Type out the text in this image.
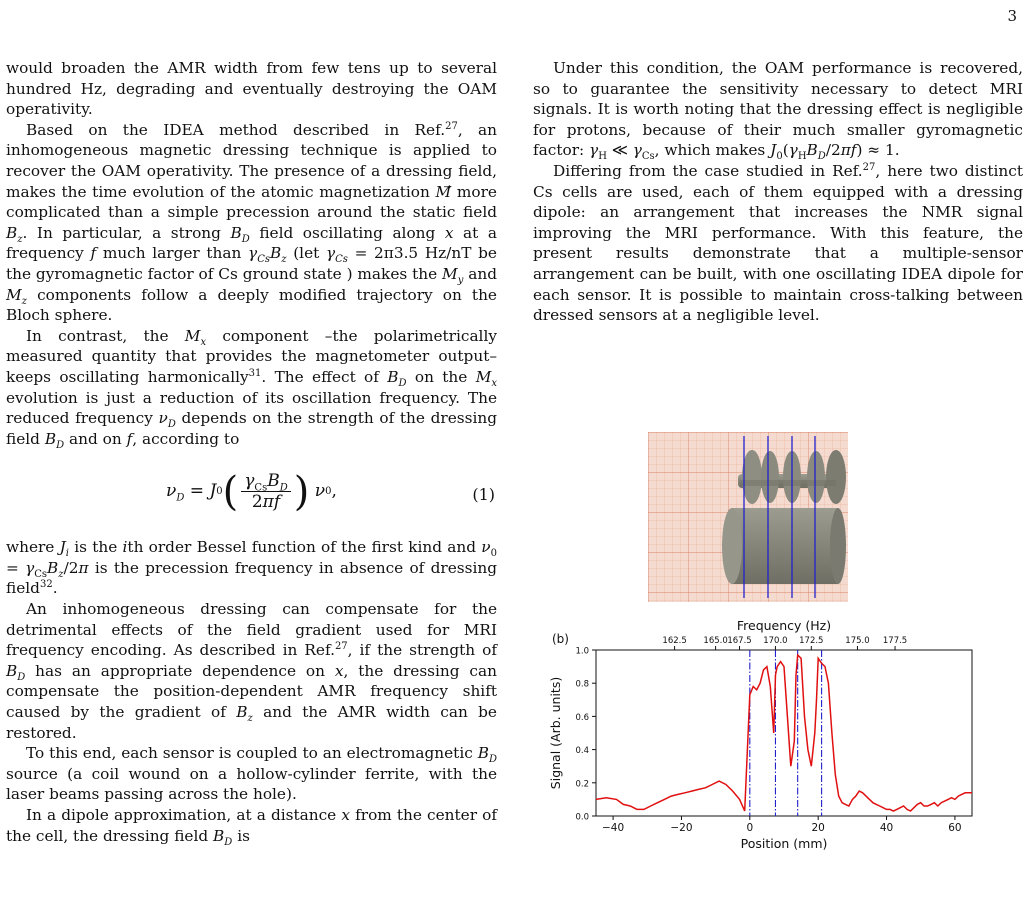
3

would broaden the AMR width from few tens up to several hundred Hz, degrading and eventually destroying the OAM operativity.

Based on the IDEA method described in Ref.$^{27}$, an inhomogeneous magnetic dressing technique is applied to recover the OAM operativity. The presence of a dressing field, makes the time evolution of the atomic magnetization M⃗ more complicated than a simple precession around the static field $B_z$. In particular, a strong $B_D$ field oscillating along x at a frequency f much larger than $\gamma_{Cs}B_z$ (let $\gamma_{Cs} = 2\pi 3.5$ Hz/nT be the gyromagnetic factor of Cs ground state ) makes the $M_y$ and $M_z$ components follow a deeply modified trajectory on the Bloch sphere.

In contrast, the $M_x$ component –the polarimetrically measured quantity that provides the magnetometer output– keeps oscillating harmonically$^{31}$. The effect of $B_D$ on the $M_x$ evolution is just a reduction of its oscillation frequency. The reduced frequency $\nu_D$ depends on the strength of the dressing field $B_D$ and on f, according to

$\nu_D = J$ 0 ( $\frac{\gamma_{Cs}B_D}{2\pi f}$ )
ν 0 ,	(1)

where $J_i$ is the ith order Bessel function of the first kind and $\nu_0 = \gamma_{Cs}B_z/2\pi$ is the precession frequency in absence of dressing field$^{32}$.

An inhomogeneous dressing can compensate for the detrimental effects of the field gradient used for MRI frequency encoding. As described in Ref.$^{27}$, if the strength of $B_D$ has an appropriate dependence on x, the dressing can compensate the position-dependent AMR frequency shift caused by the gradient of $B_z$ and the AMR width can be restored.

To this end, each sensor is coupled to an electromagnetic $B_D$ source (a coil wound on a hollow-cylinder ferrite, with the laser beams passing across the hole).

In a dipole approximation, at a distance x from the center of the cell, the dressing field $B_D$ is

Under this condition, the OAM performance is recovered, so to guarantee the sensitivity necessary to detect MRI signals. It is worth noting that the dressing effect is negligible for protons, because of their much smaller gyromagnetic factor: $\gamma_H$ ≪ $\gamma_{Cs}$, which makes $J_0(\gamma_HB_D/2\pi f) \approx 1$.

Differing from the case studied in Ref.$^{27}$, here two distinct Cs cells are used, each of them equipped with a dressing dipole: an arrangement that increases the NMR signal improving the MRI performance. With this feature, the present results demonstrate that a multiple-sensor arrangement can be built, with one oscillating IDEA dipole for each sensor. It is possible to maintain cross-talking between dressed sensors at a negligible level.

(b)
−40	−20	0	20	40	60
0.0
0.2
0.4
0.6
0.8
1.0
162.5 165.0 167.5 170.0 172.5	175.0 177.5
Position (mm)
Frequency (Hz)
Signal (Arb. units)
